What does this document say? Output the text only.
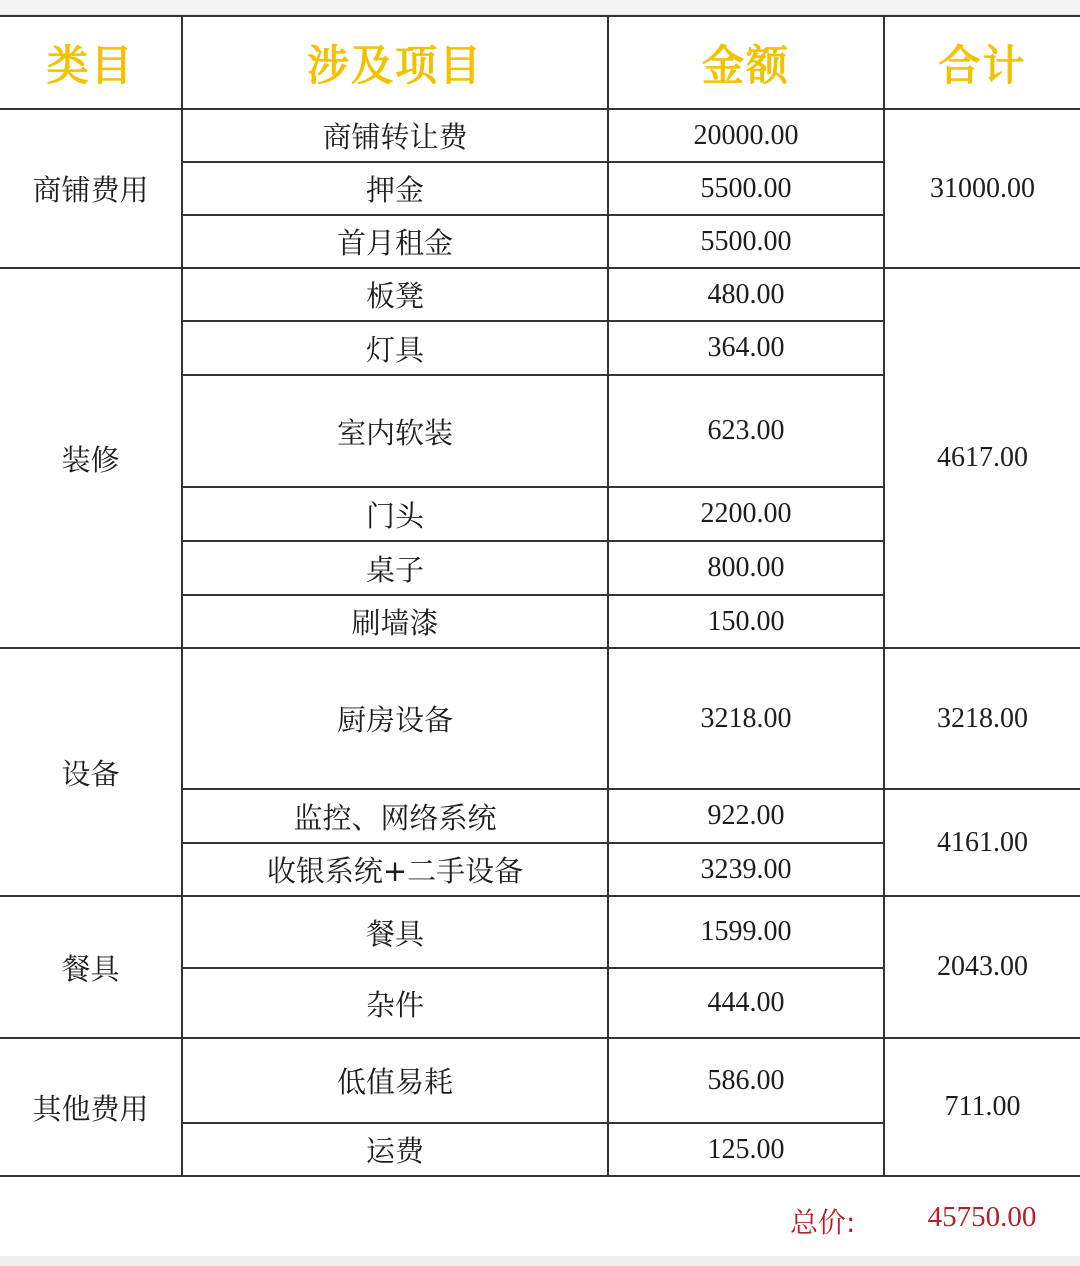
类目	涉及项目	金额	合计
商铺费用	商铺转让费	20000.00	31000.00
	押金	5500.00	
	首月租金	5500.00	
装修	板凳	480.00	4617.00
	灯具	364.00	
	室内软装	623.00	
	门头	2200.00	
	桌子	800.00	
	刷墙漆	150.00	
设备	厨房设备	3218.00	3218.00
	监控、网络系统	922.00	4161.00
	收银系统+二手设备	3239.00	
餐具	餐具	1599.00	2043.00
	杂件	444.00	
其他费用	低值易耗	586.00	711.00
	运费	125.00	
总价:	45750.00
